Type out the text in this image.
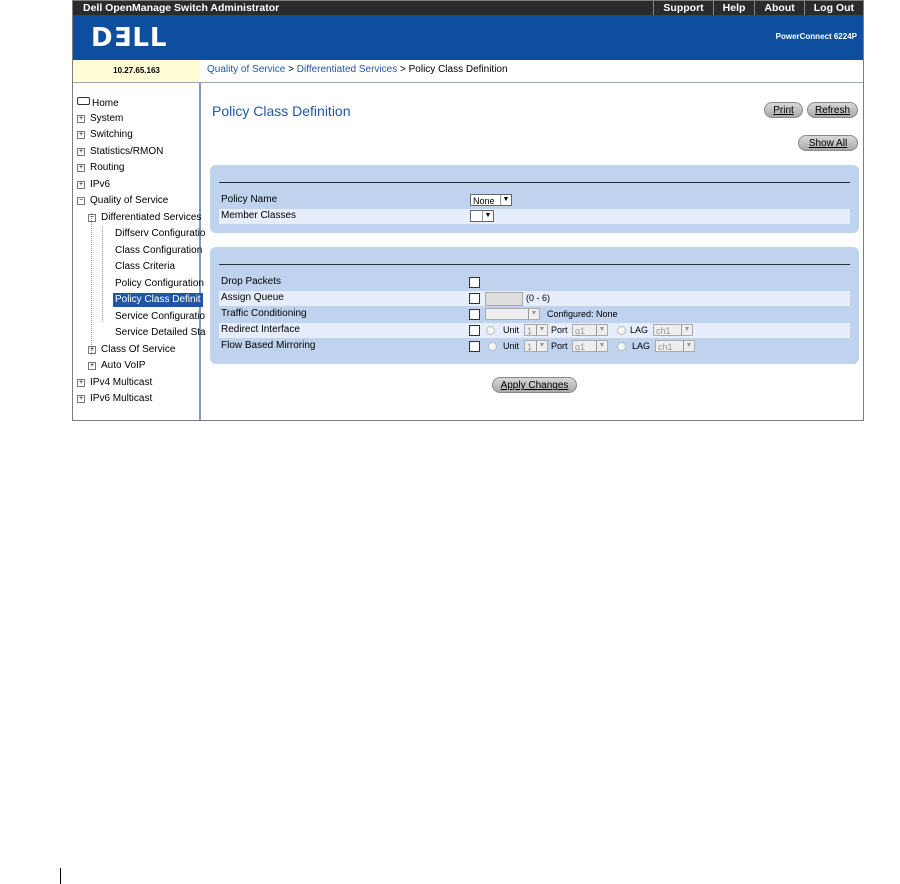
Dell OpenManage Switch Administrator	Support	Help	About	Log Out
DƎLL	PowerConnect 6224P
10.27.65.163	Quality of Service > Differentiated Services > Policy Class Definition
Home
+ System
+ Switching
+ Statistics/RMON
+ Routing
+ IPv6
− Quality of Service
− Differentiated Services
Diffserv Configuratio
Class Configuration
Class Criteria
Policy Configuration
Policy Class Definit
Service Configuratio
Service Detailed Sta
+ Class Of Service
+ Auto VoIP
+ IPv4 Multicast
+ IPv6 Multicast
Policy Class Definition	Print	Refresh
Show All
Policy Name	None	▼
Member Classes	▼
Drop Packets
Assign Queue	(0 - 6)
Traffic Conditioning	▼ Configured: None
Redirect Interface	Unit 1 ▼ Port g1	▼	LAG ch1	▼
Flow Based Mirroring	Unit 1 ▼ Port g1	▼	LAG ch1	▼
Apply Changes
